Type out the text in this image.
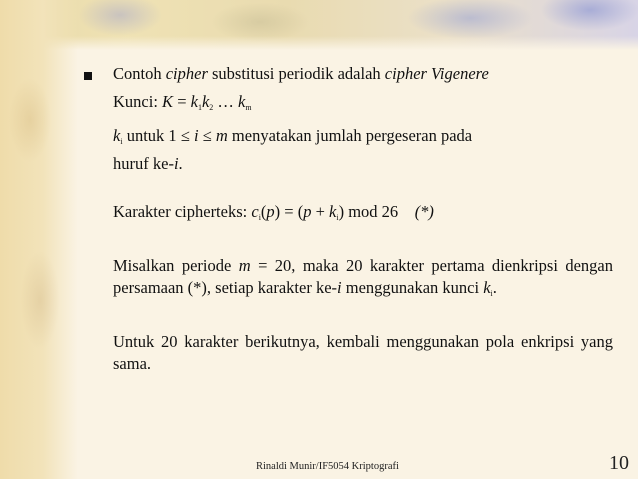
Contoh cipher substitusi periodik adalah cipher Vigenere
Kunci: $K = k_1k_2$ … $k_m$
$k_i$ untuk 1 ≤ i ≤ m menyatakan jumlah pergeseran pada
huruf ke-i.
Karakter cipherteks: $c_i(p) = (p + k_i)$ mod 26    (*)
Misalkan periode m = 20, maka 20 karakter pertama dienkripsi dengan persamaan (*), setiap karakter ke-i menggunakan kunci $k_i$.
Untuk 20 karakter berikutnya, kembali menggunakan pola enkripsi yang sama.
Rinaldi Munir/IF5054 Kriptografi	10
